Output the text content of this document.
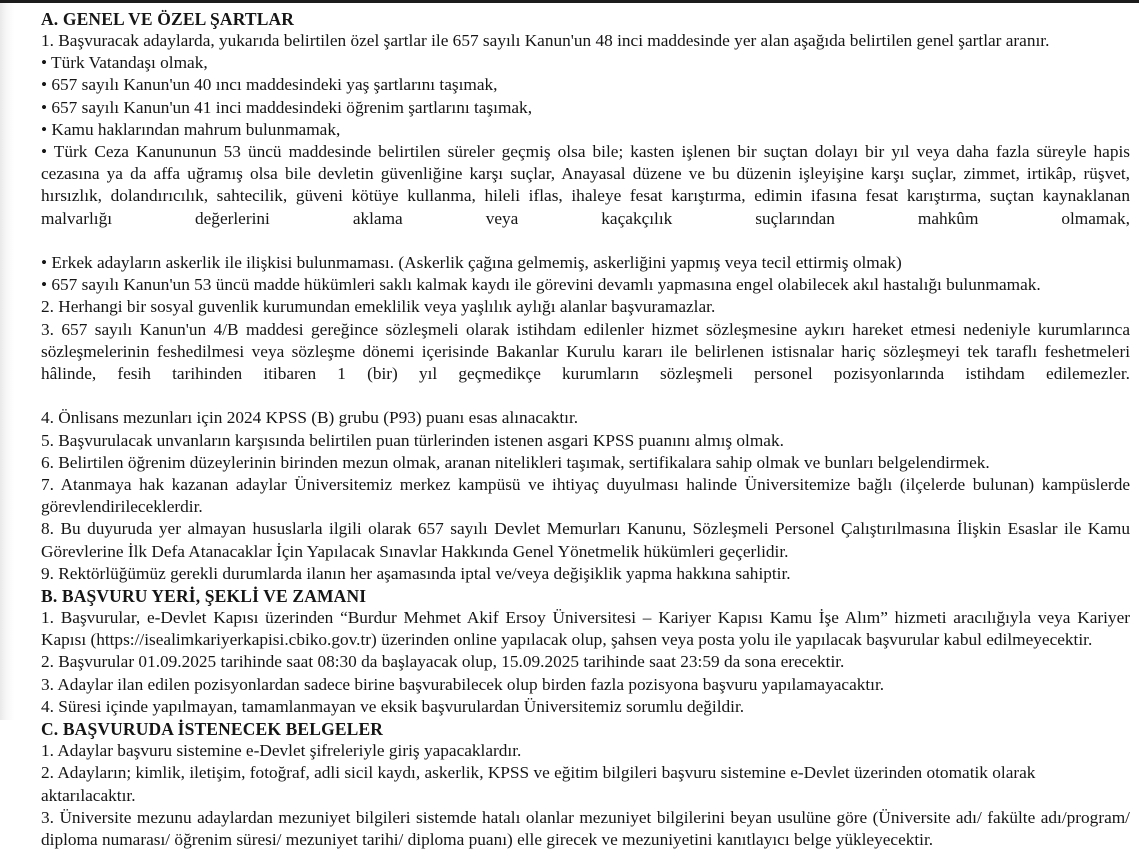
A. GENEL VE ÖZEL ŞARTLAR

1. Başvuracak adaylarda, yukarıda belirtilen özel şartlar ile 657 sayılı Kanun'un 48 inci maddesinde yer alan aşağıda belirtilen genel şartlar aranır.

• Türk Vatandaşı olmak,

• 657 sayılı Kanun'un 40 ıncı maddesindeki yaş şartlarını taşımak,

• 657 sayılı Kanun'un 41 inci maddesindeki öğrenim şartlarını taşımak,

• Kamu haklarından mahrum bulunmamak,

• Türk Ceza Kanununun 53 üncü maddesinde belirtilen süreler geçmiş olsa bile; kasten işlenen bir suçtan dolayı bir yıl veya daha fazla süreyle hapis cezasına ya da affa uğramış olsa bile devletin güvenliğine karşı suçlar, Anayasal düzene ve bu düzenin işleyişine karşı suçlar, zimmet, irtikâp, rüşvet, hırsızlık, dolandırıcılık, sahtecilik, güveni kötüye kullanma, hileli iflas, ihaleye fesat karıştırma, edimin ifasına fesat karıştırma, suçtan kaynaklanan malvarlığı değerlerini aklama veya kaçakçılık suçlarından mahkûm olmamak,

• Erkek adayların askerlik ile ilişkisi bulunmaması. (Askerlik çağına gelmemiş, askerliğini yapmış veya tecil ettirmiş olmak)

• 657 sayılı Kanun'un 53 üncü madde hükümleri saklı kalmak kaydı ile görevini devamlı yapmasına engel olabilecek akıl hastalığı bulunmamak.

2. Herhangi bir sosyal guvenlik kurumundan emeklilik veya yaşlılık aylığı alanlar başvuramazlar.

3. 657 sayılı Kanun'un 4/B maddesi gereğince sözleşmeli olarak istihdam edilenler hizmet sözleşmesine aykırı hareket etmesi nedeniyle kurumlarınca sözleşmelerinin feshedilmesi veya sözleşme dönemi içerisinde Bakanlar Kurulu kararı ile belirlenen istisnalar hariç sözleşmeyi tek taraflı feshetmeleri hâlinde, fesih tarihinden itibaren 1 (bir) yıl geçmedikçe kurumların sözleşmeli personel pozisyonlarında istihdam edilemezler.

4. Önlisans mezunları için 2024 KPSS (B) grubu (P93) puanı esas alınacaktır.

5. Başvurulacak unvanların karşısında belirtilen puan türlerinden istenen asgari KPSS puanını almış olmak.

6. Belirtilen öğrenim düzeylerinin birinden mezun olmak, aranan nitelikleri taşımak, sertifikalara sahip olmak ve bunları belgelendirmek.

7. Atanmaya hak kazanan adaylar Üniversitemiz merkez kampüsü ve ihtiyaç duyulması halinde Üniversitemize bağlı (ilçelerde bulunan) kampüslerde görevlendirileceklerdir.

8. Bu duyuruda yer almayan hususlarla ilgili olarak 657 sayılı Devlet Memurları Kanunu, Sözleşmeli Personel Çalıştırılmasına İlişkin Esaslar ile Kamu Görevlerine İlk Defa Atanacaklar İçin Yapılacak Sınavlar Hakkında Genel Yönetmelik hükümleri geçerlidir.

9. Rektörlüğümüz gerekli durumlarda ilanın her aşamasında iptal ve/veya değişiklik yapma hakkına sahiptir.

B. BAŞVURU YERİ, ŞEKLİ VE ZAMANI

1. Başvurular, e-Devlet Kapısı üzerinden “Burdur Mehmet Akif Ersoy Üniversitesi – Kariyer Kapısı Kamu İşe Alım” hizmeti aracılığıyla veya Kariyer Kapısı (https://isealimkariyerkapisi.cbiko.gov.tr) üzerinden online yapılacak olup, şahsen veya posta yolu ile yapılacak başvurular kabul edilmeyecektir.

2. Başvurular 01.09.2025 tarihinde saat 08:30 da başlayacak olup, 15.09.2025 tarihinde saat 23:59 da sona erecektir.

3. Adaylar ilan edilen pozisyonlardan sadece birine başvurabilecek olup birden fazla pozisyona başvuru yapılamayacaktır.

4. Süresi içinde yapılmayan, tamamlanmayan ve eksik başvurulardan Üniversitemiz sorumlu değildir.

C. BAŞVURUDA İSTENECEK BELGELER

1. Adaylar başvuru sistemine e-Devlet şifreleriyle giriş yapacaklardır.

2. Adayların; kimlik, iletişim, fotoğraf, adli sicil kaydı, askerlik, KPSS ve eğitim bilgileri başvuru sistemine e-Devlet üzerinden otomatik olarak aktarılacaktır.

3. Üniversite mezunu adaylardan mezuniyet bilgileri sistemde hatalı olanlar mezuniyet bilgilerini beyan usulüne göre (Üniversite adı/ fakülte adı/program/ diploma numarası/ öğrenim süresi/ mezuniyet tarihi/ diploma puanı) elle girecek ve mezuniyetini kanıtlayıcı belge yükleyecektir.
